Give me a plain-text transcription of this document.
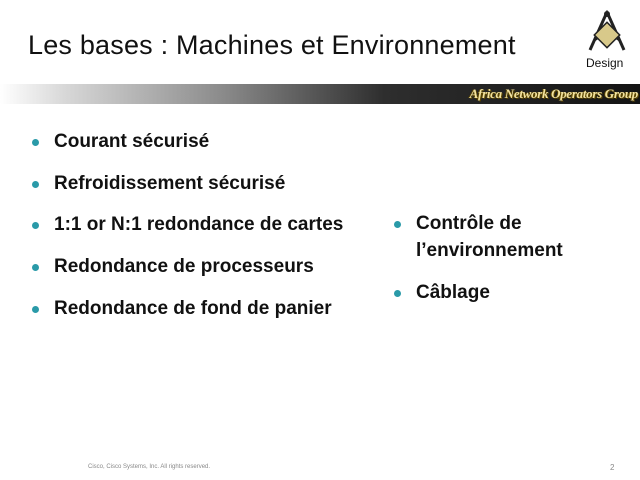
Les bases : Machines et Environnement
Design
Africa Network Operators Group
Courant sécurisé
Refroidissement sécurisé
1:1 or N:1 redondance de cartes
Redondance de processeurs
Redondance de fond de panier
Contrôle de l’environnement
Câblage
Cisco, Cisco Systems, Inc. All rights reserved.	2
